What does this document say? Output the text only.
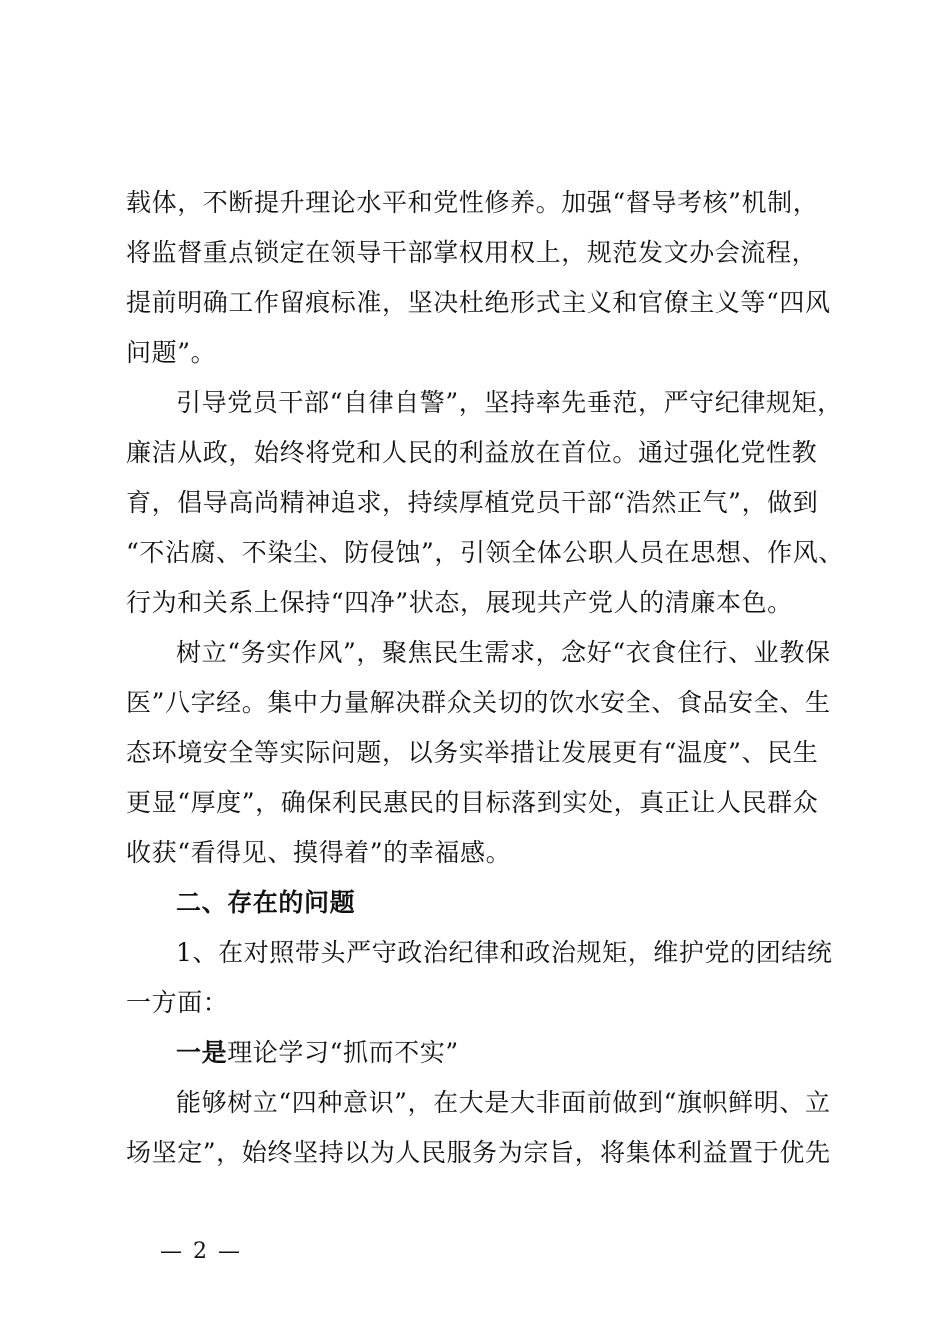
载体，不断提升理论水平和党性修养。加强“督导考核”机制，
将监督重点锁定在领导干部掌权用权上，规范发文办会流程，
提前明确工作留痕标准，坚决杜绝形式主义和官僚主义等“四风
问题”。
引导党员干部“自律自警”，坚持率先垂范，严守纪律规矩，
廉洁从政，始终将党和人民的利益放在首位。通过强化党性教
育，倡导高尚精神追求，持续厚植党员干部“浩然正气”，做到
“不沾腐、不染尘、防侵蚀”，引领全体公职人员在思想、作风、
行为和关系上保持“四净”状态，展现共产党人的清廉本色。
树立“务实作风”，聚焦民生需求，念好“衣食住行、业教保
医”八字经。集中力量解决群众关切的饮水安全、食品安全、生
态环境安全等实际问题，以务实举措让发展更有“温度”、民生
更显“厚度”，确保利民惠民的目标落到实处，真正让人民群众
收获“看得见、摸得着”的幸福感。
二、存在的问题
1、在对照带头严守政治纪律和政治规矩，维护党的团结统
一方面：
一是理论学习“抓而不实”
能够树立“四种意识”，在大是大非面前做到“旗帜鲜明、立
场坚定”，始终坚持以为人民服务为宗旨，将集体利益置于优先
— 2 —
